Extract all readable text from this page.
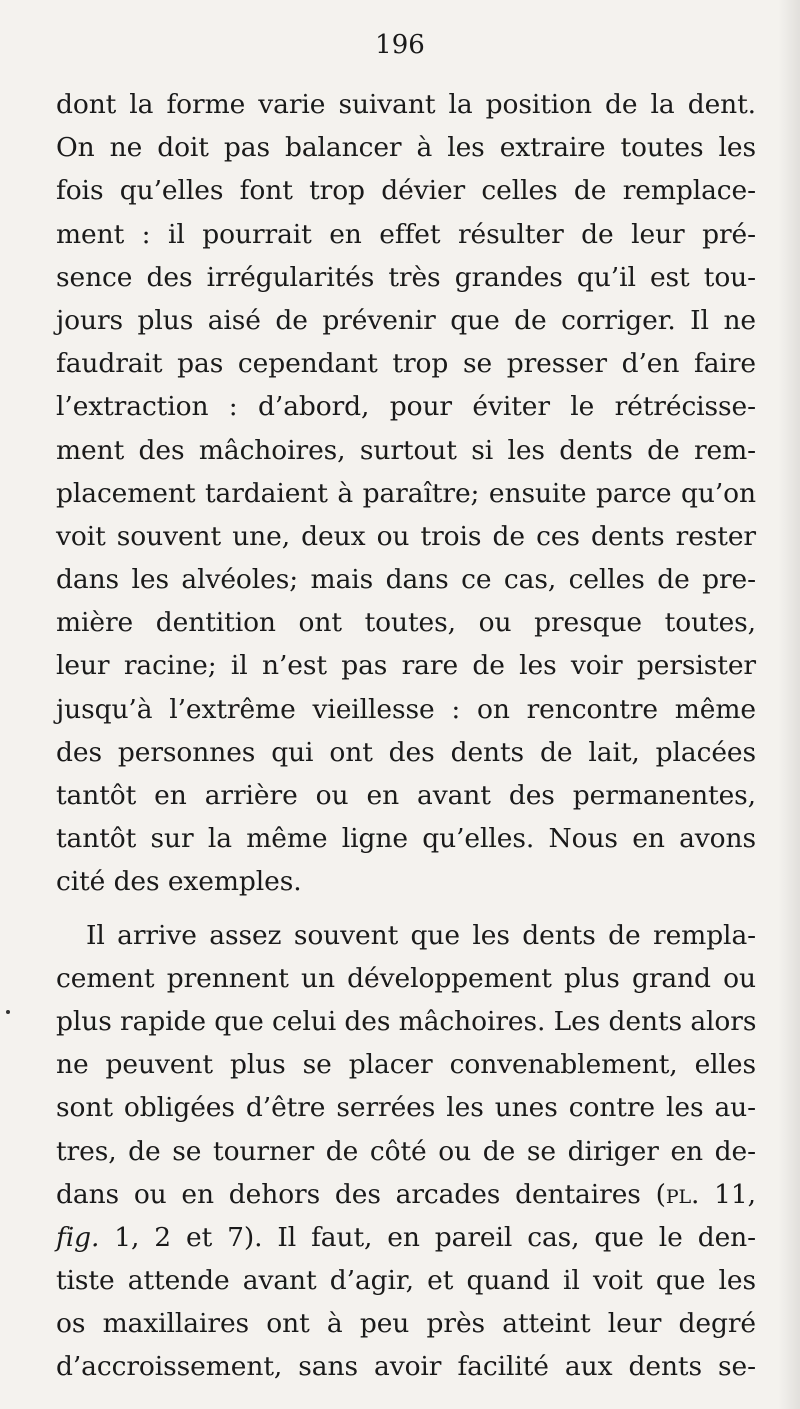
196
dont la forme varie suivant la position de la dent.
On ne doit pas balancer à les extraire toutes les
fois qu’elles font trop dévier celles de remplace-
ment : il pourrait en effet résulter de leur pré-
sence des irrégularités très grandes qu’il est tou-
jours plus aisé de prévenir que de corriger. Il ne
faudrait pas cependant trop se presser d’en faire
l’extraction : d’abord, pour éviter le rétrécisse-
ment des mâchoires, surtout si les dents de rem-
placement tardaient à paraître; ensuite parce qu’on
voit souvent une, deux ou trois de ces dents rester
dans les alvéoles; mais dans ce cas, celles de pre-
mière dentition ont toutes, ou presque toutes,
leur racine; il n’est pas rare de les voir persister
jusqu’à l’extrême vieillesse : on rencontre même
des personnes qui ont des dents de lait, placées
tantôt en arrière ou en avant des permanentes,
tantôt sur la même ligne qu’elles. Nous en avons
cité des exemples.
Il arrive assez souvent que les dents de rempla-
cement prennent un développement plus grand ou
plus rapide que celui des mâchoires. Les dents alors
ne peuvent plus se placer convenablement, elles
sont obligées d’être serrées les unes contre les au-
tres, de se tourner de côté ou de se diriger en de-
dans ou en dehors des arcades dentaires (pl. 11,
fig. 1, 2 et 7). Il faut, en pareil cas, que le den-
tiste attende avant d’agir, et quand il voit que les
os maxillaires ont à peu près atteint leur degré
d’accroissement, sans avoir facilité aux dents se-
